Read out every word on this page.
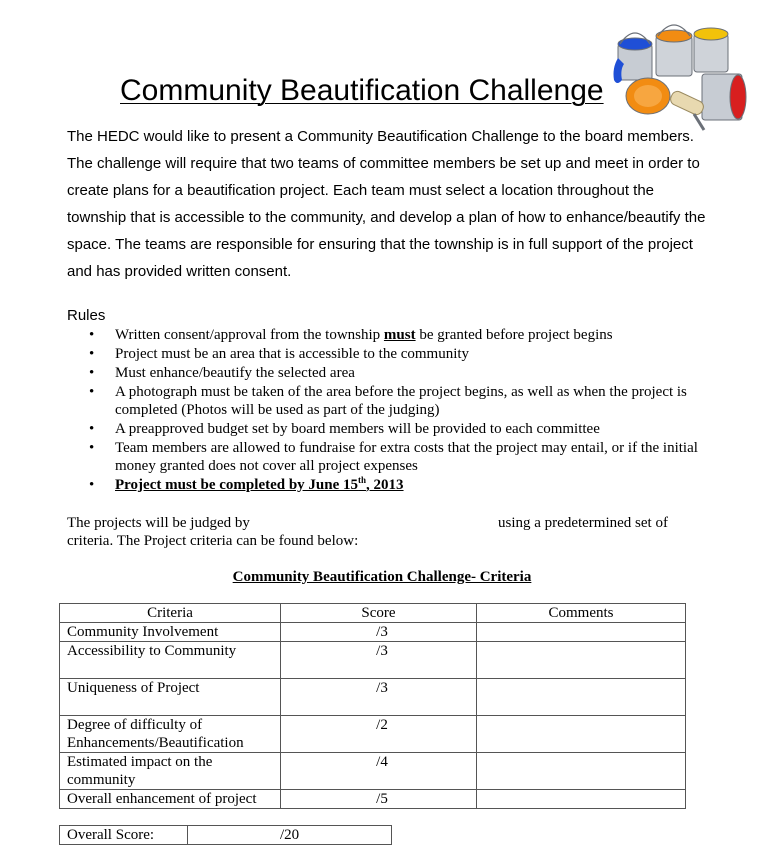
Community Beautification Challenge

The HEDC would like to present a Community Beautification Challenge to the board members. The challenge will require that two teams of committee members be set up and meet in order to create plans for a beautification project. Each team must select a location throughout the township that is accessible to the community, and develop a plan of how to enhance/beautify the space. The teams are responsible for ensuring that the township is in full support of the project and has provided written consent.

Rules
• Written consent/approval from the township must be granted before project begins
• Project must be an area that is accessible to the community
• Must enhance/beautify the selected area
• A photograph must be taken of the area before the project begins, as well as when the project is completed (Photos will be used as part of the judging)
• A preapproved budget set by board members will be provided to each committee
• Team members are allowed to fundraise for extra costs that the project may entail, or if the initial money granted does not cover all project expenses
• Project must be completed by June 15th, 2013
The projects will be judged by	using a predetermined set of
criteria. The Project criteria can be found below:
Community Beautification Challenge- Criteria
Criteria	Score	Comments
Community Involvement	/3	
Accessibility to Community	/3	
Uniqueness of Project	/3	
Degree of difficulty of Enhancements/Beautification	/2	
Estimated impact on the community	/4	
Overall enhancement of project	/5	
Overall Score:	/20
